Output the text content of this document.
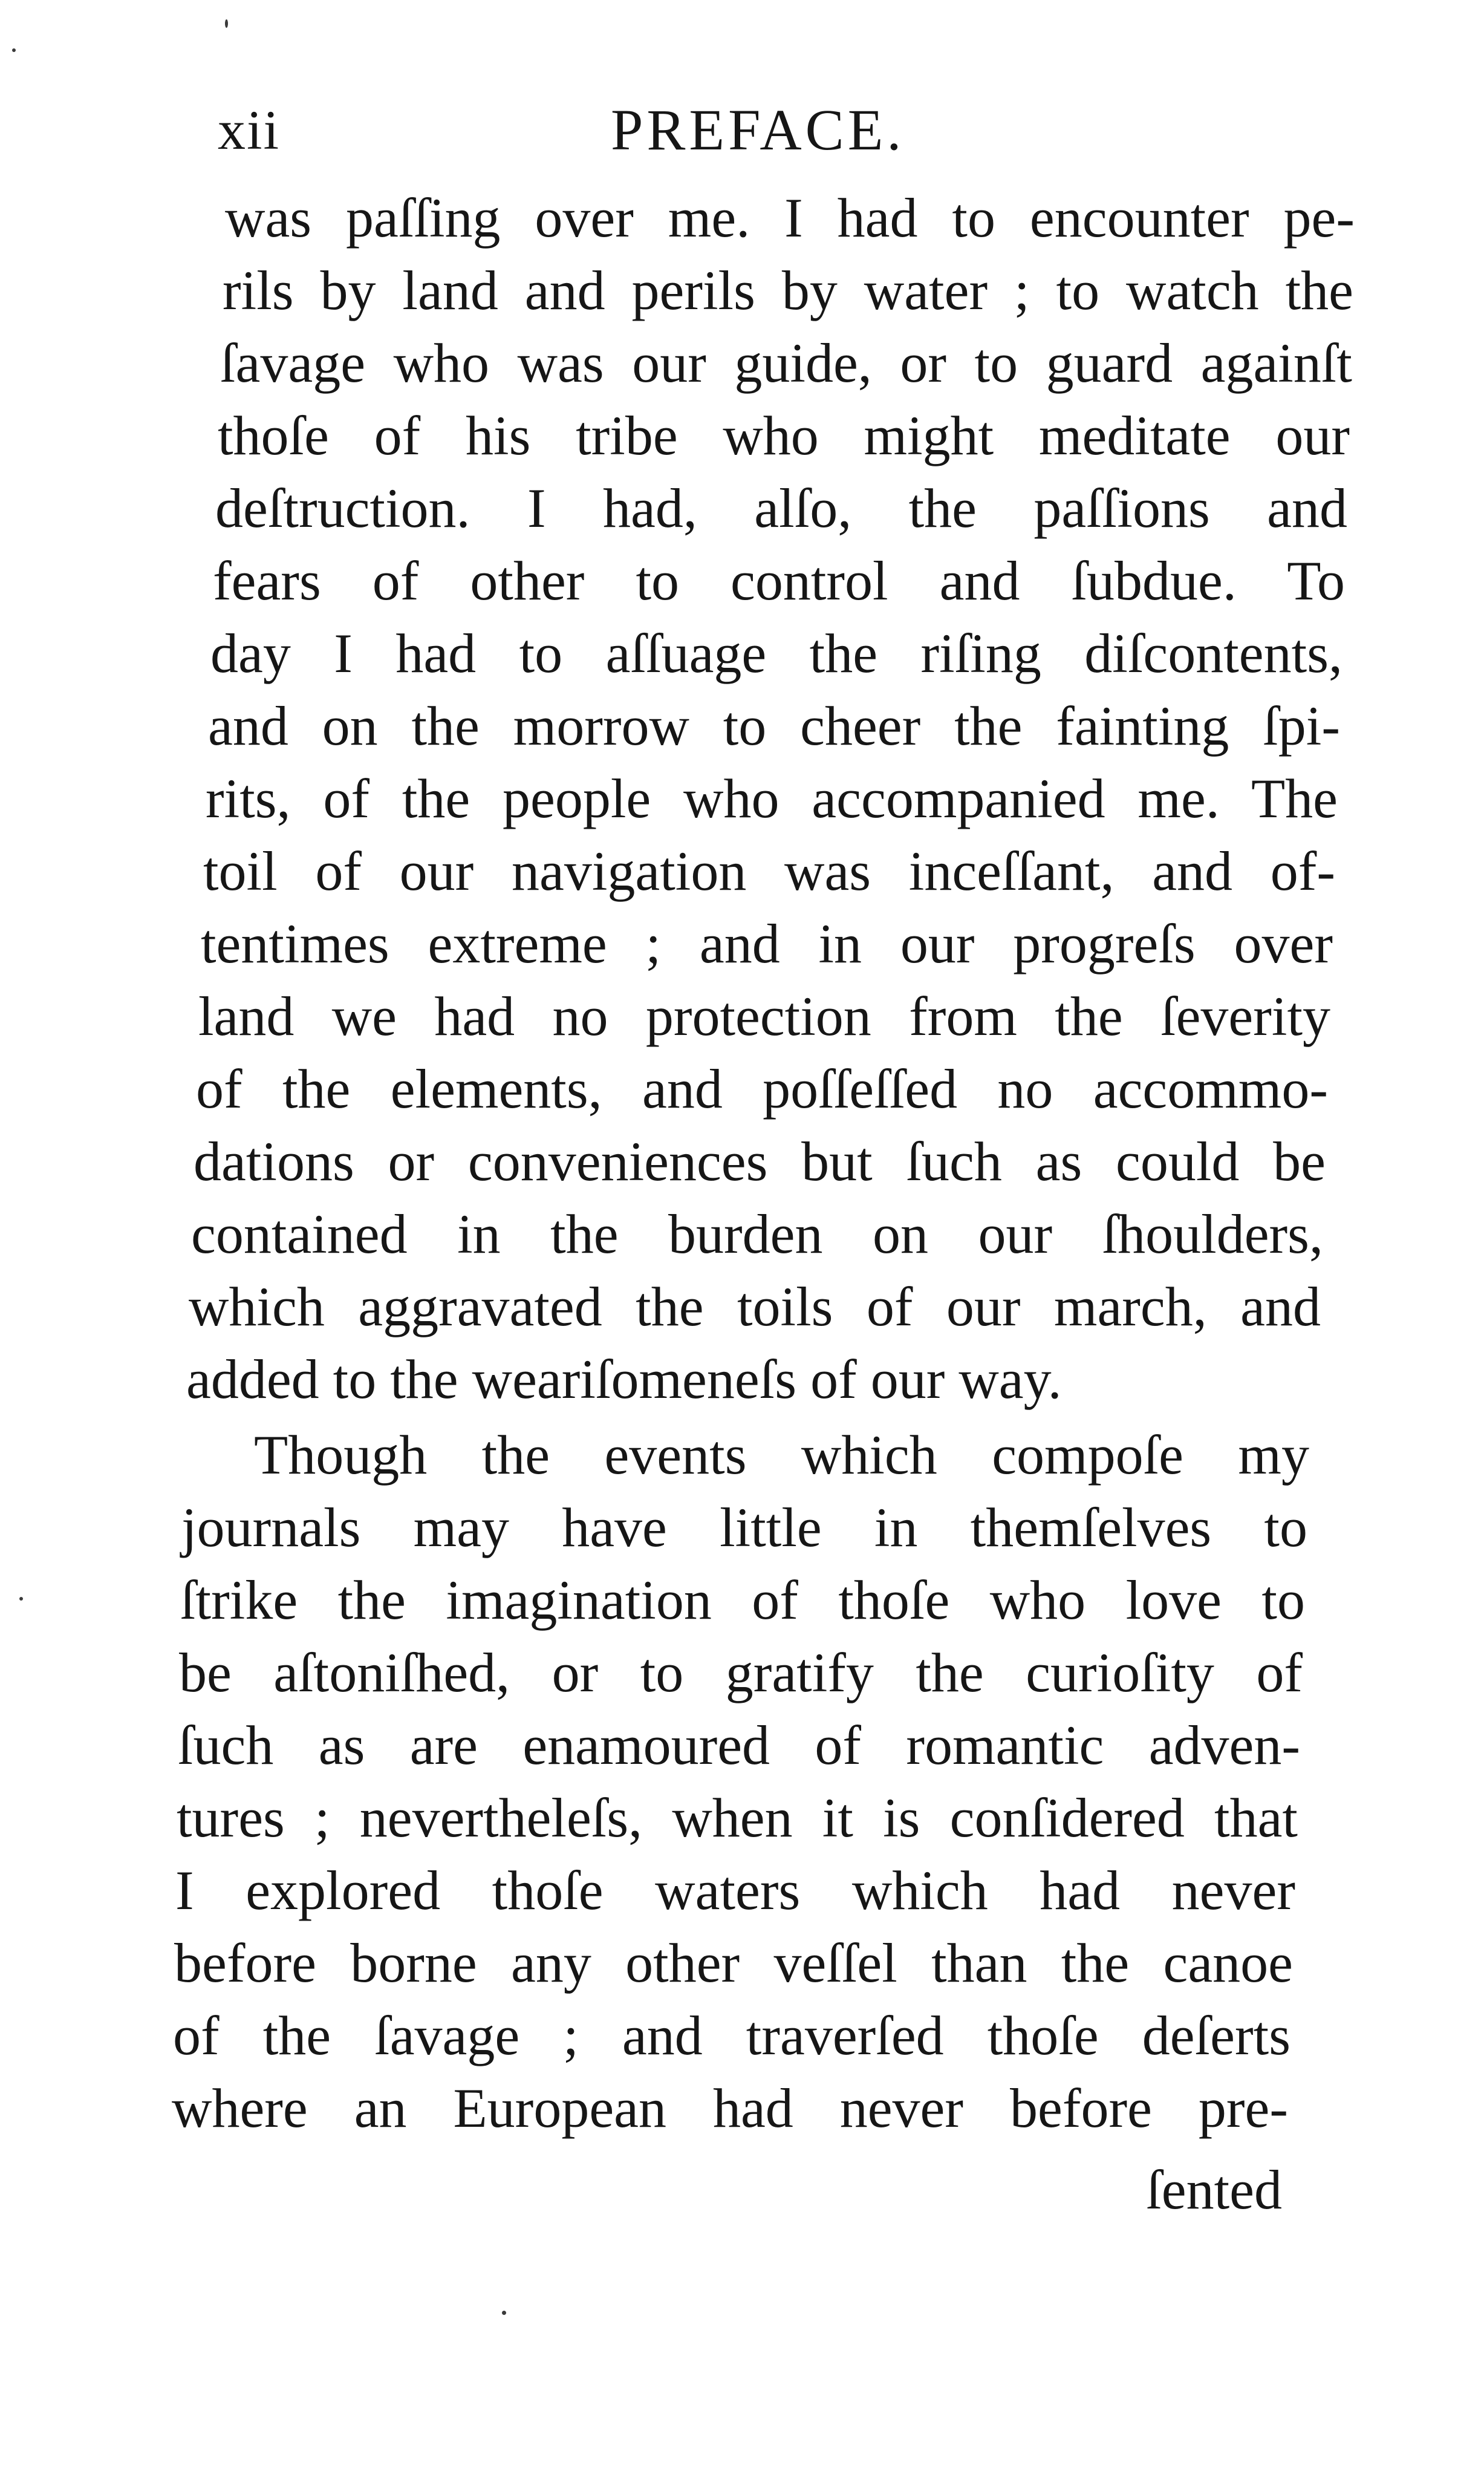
xii	PREFACE.
was paſſing over me. I had to encounter pe-
rils by land and perils by water ; to watch the
ſavage who was our guide, or to guard againſt
thoſe of his tribe who might meditate our
deſtruction. I had, alſo, the paſſions and
fears of other to control and ſubdue. To
day I had to aſſuage the riſing diſcontents,
and on the morrow to cheer the fainting ſpi-
rits, of the people who accompanied me. The
toil of our navigation was inceſſant, and of-
tentimes extreme ; and in our progreſs over
land we had no protection from the ſeverity
of the elements, and poſſeſſed no accommo-
dations or conveniences but ſuch as could be
contained in the burden on our ſhoulders,
which aggravated the toils of our march, and
added to the weariſomeneſs of our way.
Though the events which compoſe my
journals may have little in themſelves to
ſtrike the imagination of thoſe who love to
be aſtoniſhed, or to gratify the curioſity of
ſuch as are enamoured of romantic adven-
tures ; nevertheleſs, when it is conſidered that
I explored thoſe waters which had never
before borne any other veſſel than the canoe
of the ſavage ; and traverſed thoſe deſerts
where an European had never before pre-
ſented
